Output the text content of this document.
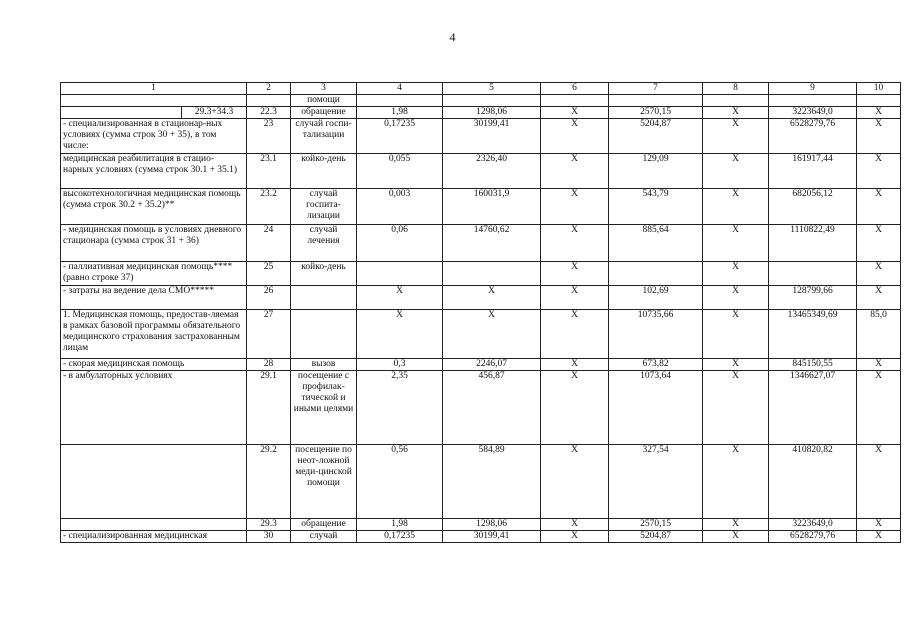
4
1	2	3	4	5	6	7	8	9	10

		помощи							

29.3+34.3	22.3	обращение	1,98	1298,06	X	2570,15	X	3223649,0	X
- специализированная в стационар-ных условиях (сумма строк 30 + 35), в том числе:	23	случай госпи-тализации	0,17235	30199,41	X	5204,87	X	6528279,76	X
медицинская реабилитация в стацио-нарных условиях (сумма строк 30.1 + 35.1)	23.1	койко-день	0,055	2326,40	X	129,09	X	161917,44	X
высокотехнологичная медицинская помощь (сумма строк 30.2 + 35.2)**	23.2	случай госпита-лизации	0,003	160031,9	X	543,79	X	682056,12	X
- медицинская помощь в условиях дневного стационара (сумма строк 31 + 36)	24	случай лечения	0,06	14760,62	X	885,64	X	1110822,49	X
- паллиативная медицинская помощь**** (равно строке 37)	25	койко-день			X		X		X
- затраты на ведение дела СМО*****	26		X	X	X	102,69	X	128799,66	X
1. Медицинская помощь, предостав-ляемая в рамках базовой программы обязательного медицинского страхования застрахованным лицам	27		X	X	X	10735,66	X	13465349,69	85,0
- скорая медицинская помощь	28	вызов	0,3	2246,07	X	673,82	X	845150,55	X
- в амбулаторных условиях	29.1	посещение с профилак-тической и иными целями	2,35	456,87	X	1073,64	X	1346627,07	X
	29.2	посещение по неот-ложной меди-цинской помощи	0,56	584,89	X	327,54	X	410820,82	X
	29.3	обращение	1,98	1298,06	X	2570,15	X	3223649,0	X
- специализированная медицинская	30	случай	0,17235	30199,41	X	5204,87	X	6528279,76	X
